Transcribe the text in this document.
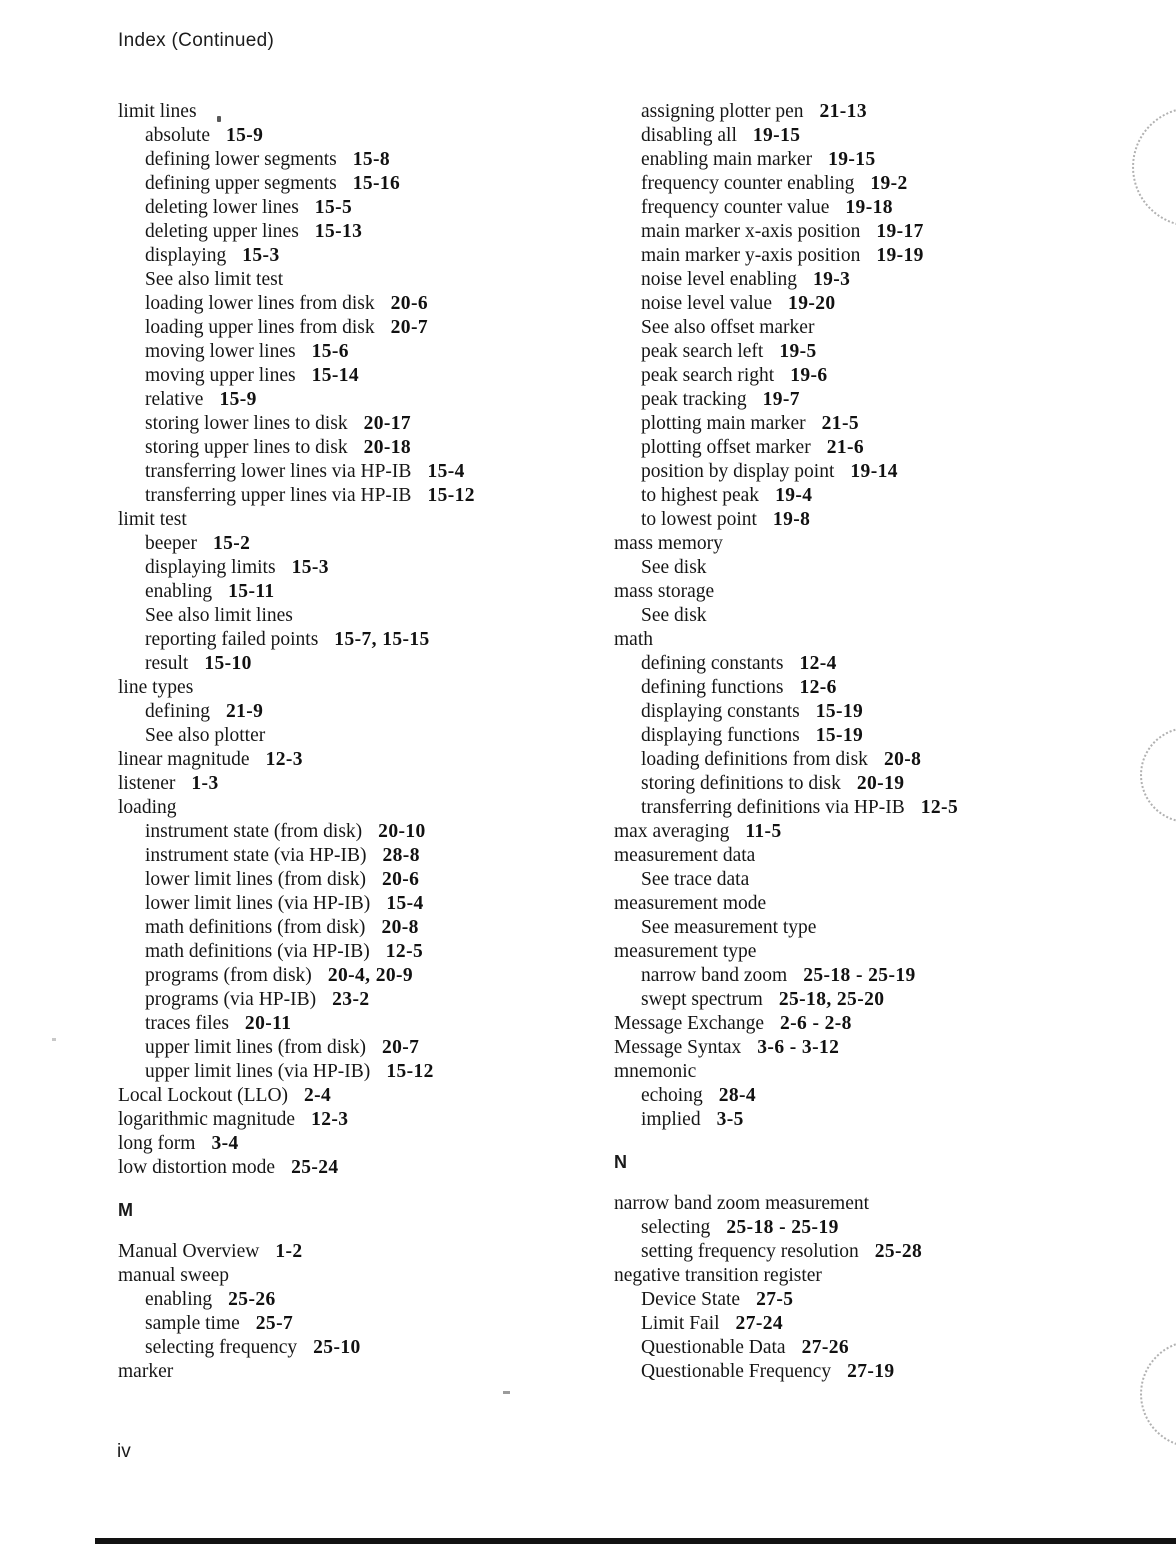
Index (Continued)
limit lines
absolute 15-9
defining lower segments 15-8
defining upper segments 15-16
deleting lower lines 15-5
deleting upper lines 15-13
displaying 15-3
See also limit test
loading lower lines from disk 20-6
loading upper lines from disk 20-7
moving lower lines 15-6
moving upper lines 15-14
relative 15-9
storing lower lines to disk 20-17
storing upper lines to disk 20-18
transferring lower lines via HP-IB 15-4
transferring upper lines via HP-IB 15-12
limit test
beeper 15-2
displaying limits 15-3
enabling 15-11
See also limit lines
reporting failed points 15-7, 15-15
result 15-10
line types
defining 21-9
See also plotter
linear magnitude 12-3
listener 1-3
loading
instrument state (from disk) 20-10
instrument state (via HP-IB) 28-8
lower limit lines (from disk) 20-6
lower limit lines (via HP-IB) 15-4
math definitions (from disk) 20-8
math definitions (via HP-IB) 12-5
programs (from disk) 20-4, 20-9
programs (via HP-IB) 23-2
traces files 20-11
upper limit lines (from disk) 20-7
upper limit lines (via HP-IB) 15-12
Local Lockout (LLO) 2-4
logarithmic magnitude 12-3
long form 3-4
low distortion mode 25-24
M
Manual Overview 1-2
manual sweep
enabling 25-26
sample time 25-7
selecting frequency 25-10
marker
assigning plotter pen 21-13
disabling all 19-15
enabling main marker 19-15
frequency counter enabling 19-2
frequency counter value 19-18
main marker x-axis position 19-17
main marker y-axis position 19-19
noise level enabling 19-3
noise level value 19-20
See also offset marker
peak search left 19-5
peak search right 19-6
peak tracking 19-7
plotting main marker 21-5
plotting offset marker 21-6
position by display point 19-14
to highest peak 19-4
to lowest point 19-8
mass memory
See disk
mass storage
See disk
math
defining constants 12-4
defining functions 12-6
displaying constants 15-19
displaying functions 15-19
loading definitions from disk 20-8
storing definitions to disk 20-19
transferring definitions via HP-IB 12-5
max averaging 11-5
measurement data
See trace data
measurement mode
See measurement type
measurement type
narrow band zoom 25-18 - 25-19
swept spectrum 25-18, 25-20
Message Exchange 2-6 - 2-8
Message Syntax 3-6 - 3-12
mnemonic
echoing 28-4
implied 3-5
N
narrow band zoom measurement
selecting 25-18 - 25-19
setting frequency resolution 25-28
negative transition register
Device State 27-5
Limit Fail 27-24
Questionable Data 27-26
Questionable Frequency 27-19
iv
